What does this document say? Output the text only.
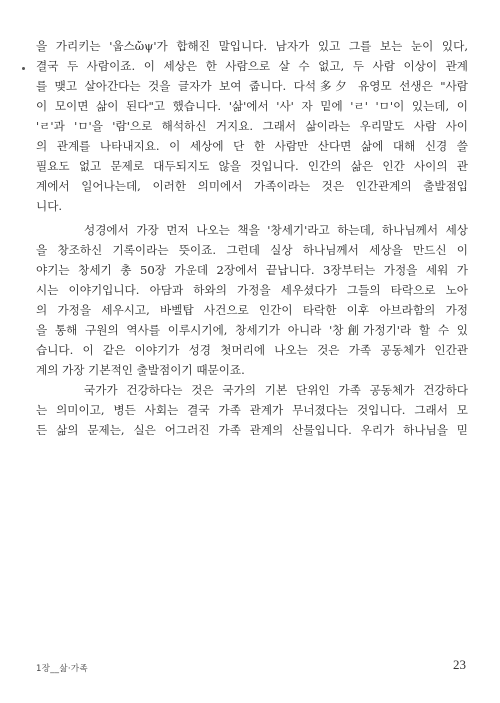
을 가리키는 '웁스ὤψ'가 합해진 말입니다. 남자가 있고 그를 보는 눈이 있다,
결국 두 사람이죠. 이 세상은 한 사람으로 살 수 없고, 두 사람 이상이 관계
를 맺고 살아간다는 것을 글자가 보여 줍니다. 다석多夕 유영모 선생은 "사람
이 모이면 삶이 된다"고 했습니다. '삶'에서 '사' 자 밑에 'ㄹ' 'ㅁ'이 있는데, 이
'ㄹ'과 'ㅁ'을 '람'으로 해석하신 거지요. 그래서 삶이라는 우리말도 사람 사이
의 관계를 나타내지요. 이 세상에 단 한 사람만 산다면 삶에 대해 신경 쓸
필요도 없고 문제로 대두되지도 않을 것입니다. 인간의 삶은 인간 사이의 관
계에서 일어나는데, 이러한 의미에서 가족이라는 것은 인간관계의 출발점입
니다.
성경에서 가장 먼저 나오는 책을 '창세기'라고 하는데, 하나님께서 세상
을 창조하신 기록이라는 뜻이죠. 그런데 실상 하나님께서 세상을 만드신 이
야기는 창세기 총 50장 가운데 2장에서 끝납니다. 3장부터는 가정을 세워 가
시는 이야기입니다. 아담과 하와의 가정을 세우셨다가 그들의 타락으로 노아
의 가정을 세우시고, 바벨탑 사건으로 인간이 타락한 이후 아브라함의 가정
을 통해 구원의 역사를 이루시기에, 창세기가 아니라 '창創가정기'라 할 수 있
습니다. 이 같은 이야기가 성경 첫머리에 나오는 것은 가족 공동체가 인간관
계의 가장 기본적인 출발점이기 때문이죠.
국가가 건강하다는 것은 국가의 기본 단위인 가족 공동체가 건강하다
는 의미이고, 병든 사회는 결국 가족 관계가 무너졌다는 것입니다. 그래서 모
든 삶의 문제는, 실은 어그러진 가족 관계의 산물입니다. 우리가 하나님을 믿
1장__삶·가족	23
